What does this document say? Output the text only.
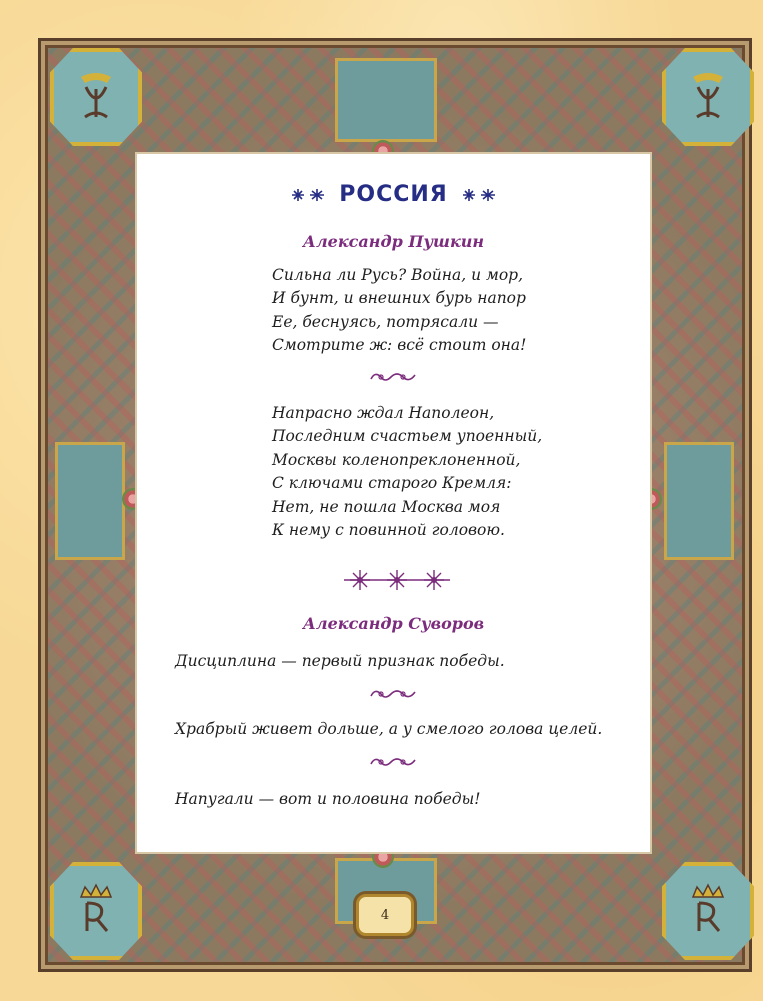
РОССИЯ
Александр Пушкин
Сильна ли Русь? Война, и мор,
И бунт, и внешних бурь напор
Ее, беснуясь, потрясали —
Смотрите ж: всё стоит она!
Напрасно ждал Наполеон,
Последним счастьем упоенный,
Москвы коленопреклоненной,
С ключами старого Кремля:
Нет, не пошла Москва моя
К нему с повинной головою.
Александр Суворов
Дисциплина — первый признак победы.
Храбрый живет дольше, а у смелого голова целей.
Напугали — вот и половина победы!
4
